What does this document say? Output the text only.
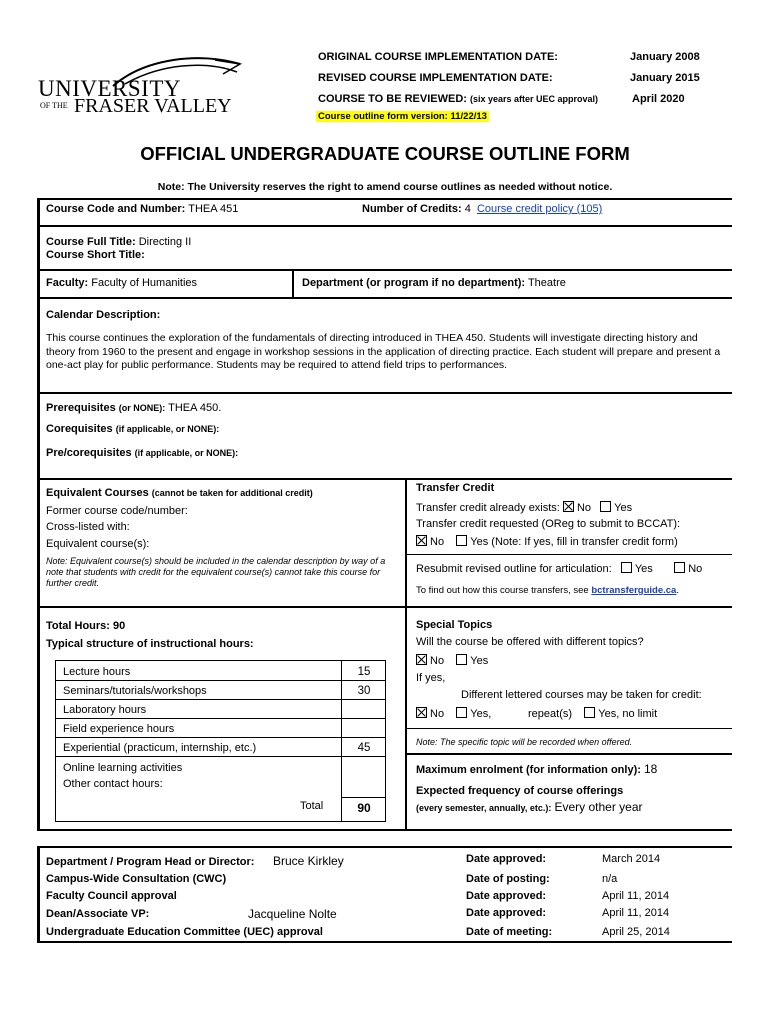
UNIVERSITY
OF THE FRASER VALLEY
ORIGINAL COURSE IMPLEMENTATION DATE:	January 2008
REVISED COURSE IMPLEMENTATION DATE:	January 2015
COURSE TO BE REVIEWED: (six years after UEC approval)	April 2020
Course outline form version: 11/22/13
OFFICIAL UNDERGRADUATE COURSE OUTLINE FORM
Note: The University reserves the right to amend course outlines as needed without notice.
Course Code and Number: THEA 451	Number of Credits: 4 Course credit policy (105)
Course Full Title: Directing II
Course Short Title:
Faculty: Faculty of Humanities	Department (or program if no department): Theatre
Calendar Description:
This course continues the exploration of the fundamentals of directing introduced in THEA 450. Students will investigate directing history and theory from 1960 to the present and engage in workshop sessions in the application of directing practice. Each student will prepare and present a one-act play for public performance. Students may be required to attend field trips to performances.
Prerequisites (or NONE): THEA 450.
Corequisites (if applicable, or NONE):
Pre/corequisites (if applicable, or NONE):
Equivalent Courses (cannot be taken for additional credit)
Former course code/number:
Cross-listed with:
Equivalent course(s):
Note: Equivalent course(s) should be included in the calendar description by way of a note that students with credit for the equivalent course(s) cannot take this course for further credit.
Transfer Credit
Transfer credit already exists: No Yes
Transfer credit requested (OReg to submit to BCCAT):
No Yes (Note: If yes, fill in transfer credit form)
Resubmit revised outline for articulation: Yes	No
To find out how this course transfers, see bctransferguide.ca.
Total Hours: 90
Typical structure of instructional hours:
Lecture hours	15
Seminars/tutorials/workshops	30
Laboratory hours
Field experience hours
Experiential (practicum, internship, etc.)	45
Online learning activities
Other contact hours:
Total	90
Special Topics
Will the course be offered with different topics?
No Yes
If yes,
Different lettered courses may be taken for credit:
No Yes,	repeat(s) Yes, no limit
Note: The specific topic will be recorded when offered.
Maximum enrolment (for information only): 18
Expected frequency of course offerings
(every semester, annually, etc.): Every other year
Department / Program Head or Director: Bruce Kirkley	Date approved:	March 2014
Campus-Wide Consultation (CWC)	Date of posting:	n/a
Faculty Council approval	Date approved:	April 11, 2014
Dean/Associate VP:	Jacqueline Nolte	Date approved:	April 11, 2014
Undergraduate Education Committee (UEC) approval	Date of meeting:	April 25, 2014
